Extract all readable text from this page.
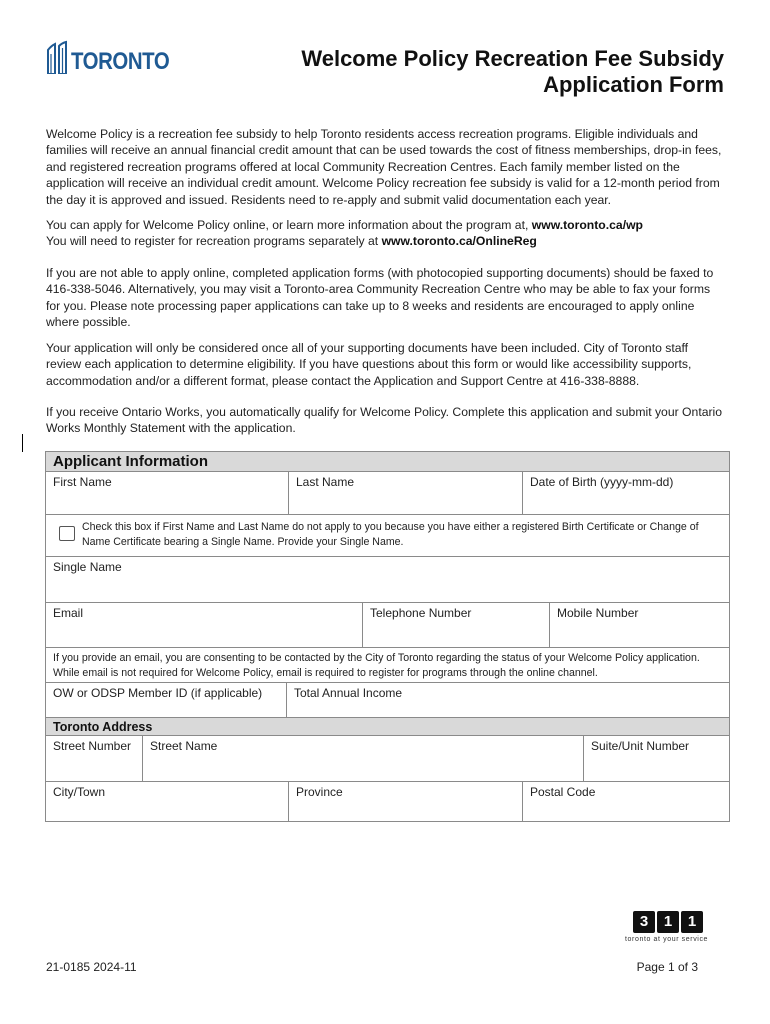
TORONTO	Welcome Policy Recreation Fee Subsidy
Application Form

Welcome Policy is a recreation fee subsidy to help Toronto residents access recreation programs. Eligible individuals and families will receive an annual financial credit amount that can be used towards the cost of fitness memberships, drop-in fees, and registered recreation programs offered at local Community Recreation Centres. Each family member listed on the application will receive an individual credit amount. Welcome Policy recreation fee subsidy is valid for a 12-month period from the day it is approved and issued. Residents need to re-apply and submit valid documentation each year.

You can apply for Welcome Policy online, or learn more information about the program at, www.toronto.ca/wp

You will need to register for recreation programs separately at www.toronto.ca/OnlineReg

If you are not able to apply online, completed application forms (with photocopied supporting documents) should be faxed to 416-338-5046. Alternatively, you may visit a Toronto-area Community Recreation Centre who may be able to fax your forms for you. Please note processing paper applications can take up to 8 weeks and residents are encouraged to apply online where possible.

Your application will only be considered once all of your supporting documents have been included. City of Toronto staff review each application to determine eligibility. If you have questions about this form or would like accessibility supports, accommodation and/or a different format, please contact the Application and Support Centre at 416-338-8888.

If you receive Ontario Works, you automatically qualify for Welcome Policy. Complete this application and submit your Ontario Works Monthly Statement with the application.

Applicant Information
First Name	Last Name	Date of Birth (yyyy-mm-dd)
Check this box if First Name and Last Name do not apply to you because you have either a registered Birth Certificate or Change of Name Certificate bearing a Single Name. Provide your Single Name.
Single Name
Email	Telephone Number	Mobile Number
If you provide an email, you are consenting to be contacted by the City of Toronto regarding the status of your Welcome Policy application. While email is not required for Welcome Policy, email is required to register for programs through the online channel.
OW or ODSP Member ID (if applicable)	Total Annual Income
Toronto Address
Street Number	Street Name	Suite/Unit Number
City/Town	Province	Postal Code
3	1	1
toronto at your service
21-0185 2024-11	Page 1 of 3
